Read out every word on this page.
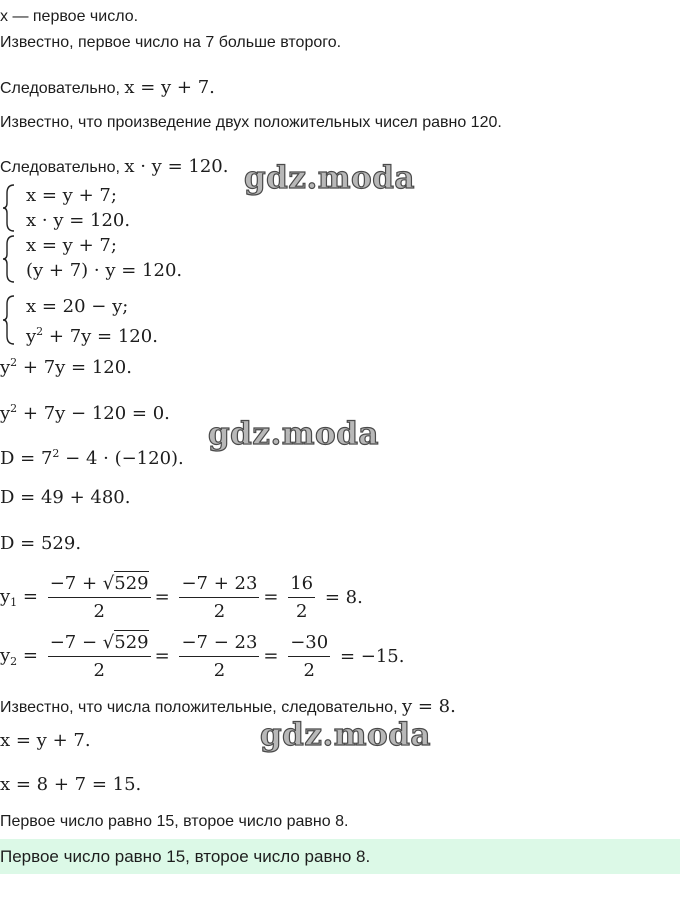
x — первое число.
Известно, первое число на 7 больше второго.
Следовательно, x = y + 7.
Известно, что произведение двух положительных чисел равно 120.
Следовательно, x · y = 120.
x = y + 7;
x · y = 120.
x = y + 7;
(y + 7) · y = 120.
x = 20 − y;
$y^2 + 7y = 120$.
$y^2 + 7y = 120$.
$y^2 + 7y - 120 = 0$.
$D = 7^2 - 4 \cdot (-120)$.
D = 49 + 480.
D = 529.
$y_1 = \frac{-7 + √529}{2} = \frac{-7 + 23}{2} = \frac{16}{2} = 8$.
$y_2 = \frac{-7 - √529}{2} = \frac{-7 - 23}{2} = \frac{-30}{2} = -15$.
Известно, что числа положительные, следовательно, y = 8.
x = y + 7.
x = 8 + 7 = 15.
Первое число равно 15, второе число равно 8.
Первое число равно 15, второе число равно 8.
gdz.moda
gdz.moda
gdz.moda
